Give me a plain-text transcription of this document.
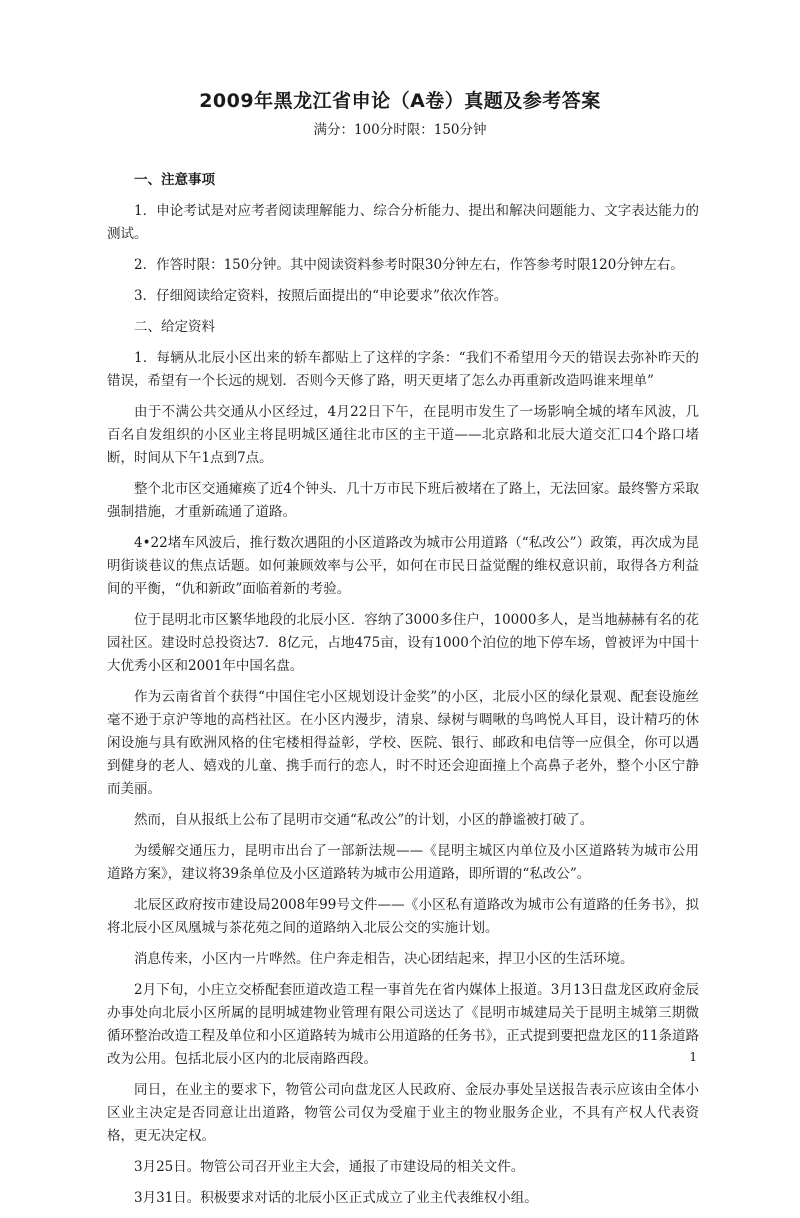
2009年黑龙江省申论（A卷）真题及参考答案
满分：100分时限：150分钟
一、注意事项

1．申论考试是对应考者阅读理解能力、综合分析能力、提出和解决问题能力、文字表达能力的测试。

2．作答时限：150分钟。其中阅读资料参考时限30分钟左右，作答参考时限120分钟左右。

3．仔细阅读给定资料，按照后面提出的“申论要求”依次作答。

二、给定资料

1．每辆从北辰小区出来的轿车都贴上了这样的字条：“我们不希望用今天的错误去弥补昨天的错误，希望有一个长远的规划．否则今天修了路，明天更堵了怎么办再重新改造吗谁来埋单”

由于不满公共交通从小区经过，4月22日下午，在昆明市发生了一场影响全城的堵车风波，几百名自发组织的小区业主将昆明城区通往北市区的主干道——北京路和北辰大道交汇口4个路口堵断，时间从下午1点到7点。

整个北市区交通瘫痪了近4个钟头．几十万市民下班后被堵在了路上，无法回家。最终警方采取强制措施，才重新疏通了道路。

4•22堵车风波后，推行数次遇阻的小区道路改为城市公用道路（“私改公”）政策，再次成为昆明街谈巷议的焦点话题。如何兼顾效率与公平，如何在市民日益觉醒的维权意识前，取得各方利益间的平衡，“仇和新政”面临着新的考验。

位于昆明北市区繁华地段的北辰小区．容纳了3000多住户，10000多人，是当地赫赫有名的花园社区。建设时总投资达7．8亿元，占地475亩，设有1000个泊位的地下停车场，曾被评为中国十大优秀小区和2001年中国名盘。

作为云南省首个获得“中国住宅小区规划设计金奖”的小区，北辰小区的绿化景观、配套设施丝毫不逊于京沪等地的高档社区。在小区内漫步，清泉、绿树与啁啾的鸟鸣悦人耳目，设计精巧的休闲设施与具有欧洲风格的住宅楼相得益彰，学校、医院、银行、邮政和电信等一应俱全，你可以遇到健身的老人、嬉戏的儿童、携手而行的恋人，时不时还会迎面撞上个高鼻子老外，整个小区宁静而美丽。

然而，自从报纸上公布了昆明市交通“私改公”的计划，小区的静谧被打破了。

为缓解交通压力，昆明市出台了一部新法规——《昆明主城区内单位及小区道路转为城市公用道路方案》，建议将39条单位及小区道路转为城市公用道路，即所谓的“私改公”。

北辰区政府按市建设局2008年99号文件——《小区私有道路改为城市公有道路的任务书》，拟将北辰小区凤凰城与茶花苑之间的道路纳入北辰公交的实施计划。

消息传来，小区内一片哗然。住户奔走相告，决心团结起来，捍卫小区的生活环境。

2月下旬，小庄立交桥配套匝道改造工程一事首先在省内媒体上报道。3月13日盘龙区政府金辰办事处向北辰小区所属的昆明城建物业管理有限公司送达了《昆明市城建局关于昆明主城第三期微循环整治改造工程及单位和小区道路转为城市公用道路的任务书》，正式提到要把盘龙区的11条道路改为公用。包括北辰小区内的北辰南路西段。

同日，在业主的要求下，物管公司向盘龙区人民政府、金辰办事处呈送报告表示应该由全体小区业主决定是否同意让出道路，物管公司仅为受雇于业主的物业服务企业，不具有产权人代表资格，更无决定权。

3月25日。物管公司召开业主大会，通报了市建设局的相关文件。

3月31日。积极要求对话的北辰小区正式成立了业主代表维权小组。

1
